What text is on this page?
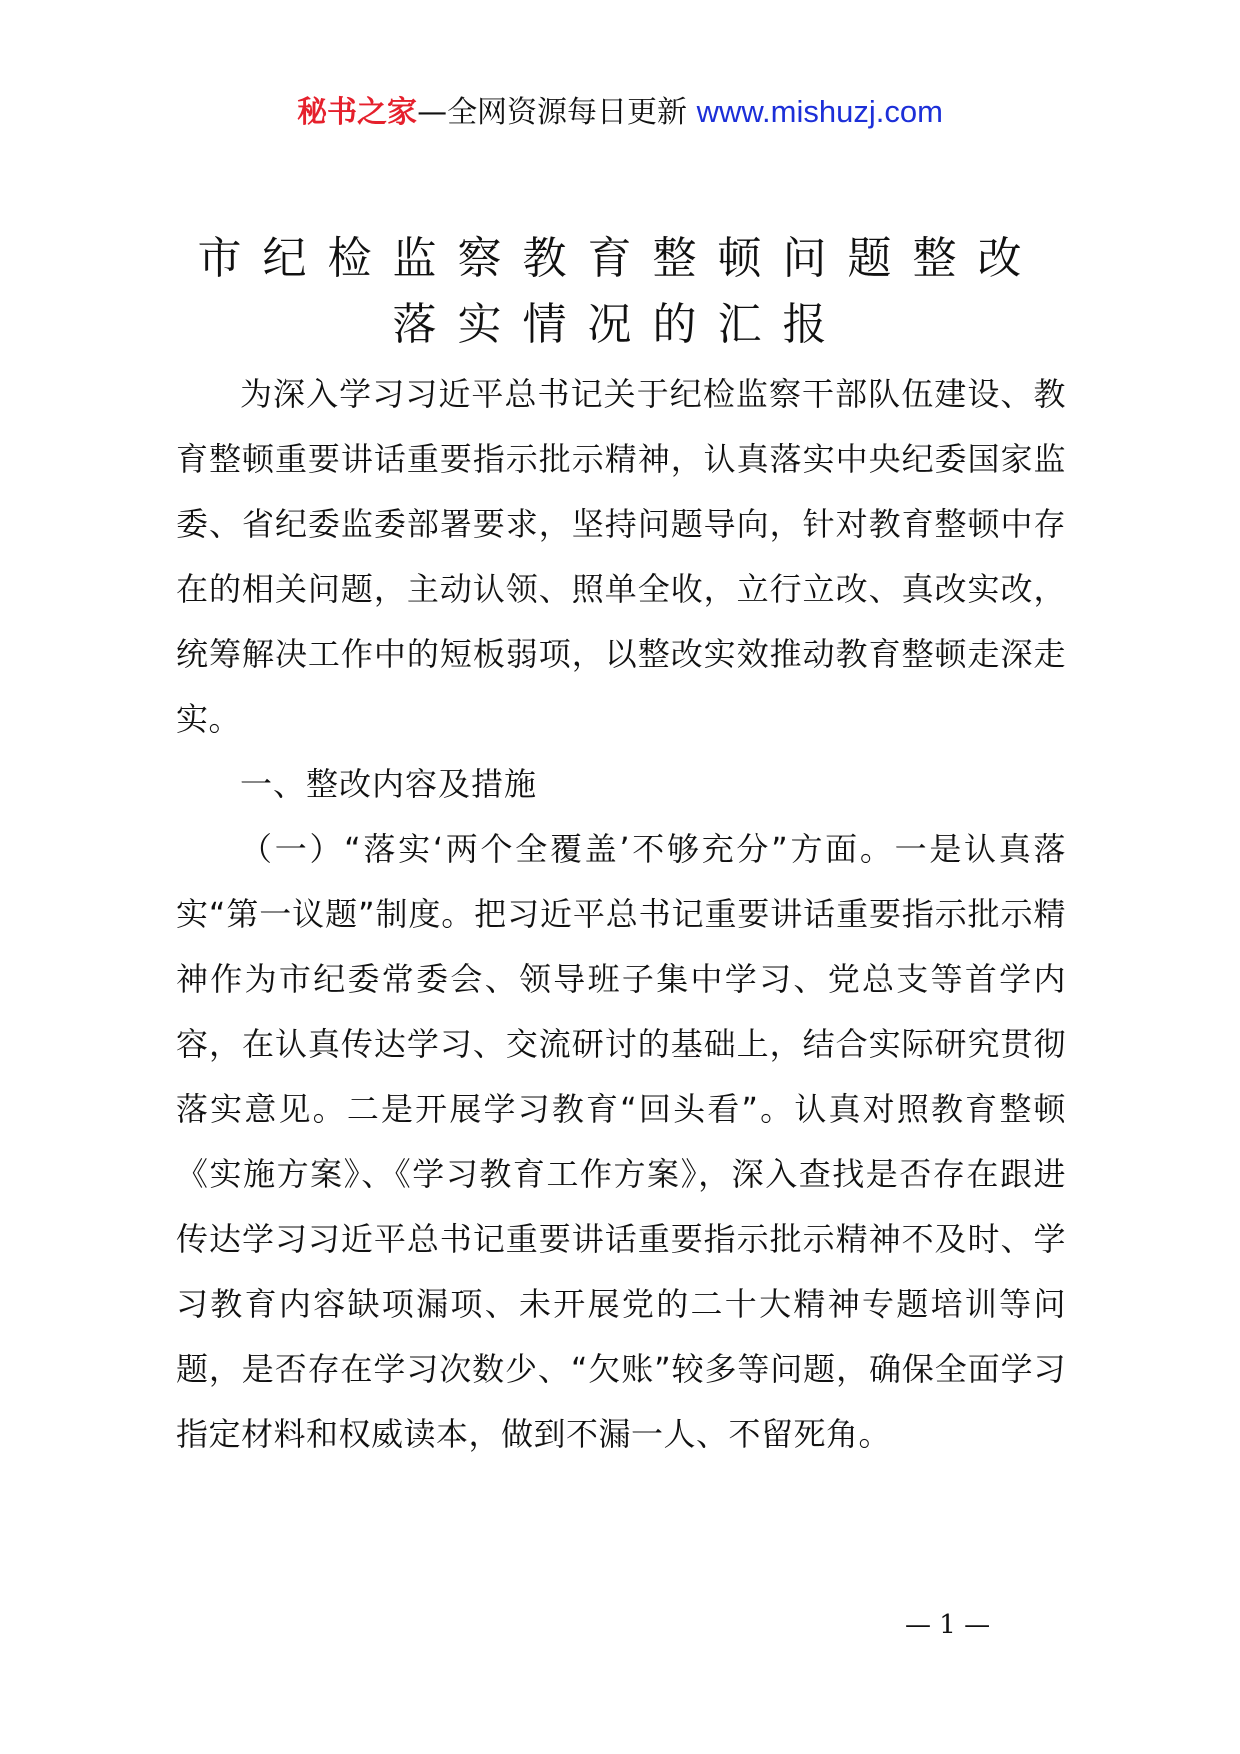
秘书之家—全网资源每日更新 www.mishuzj.com
市纪检监察教育整顿问题整改
落实情况的汇报

为深入学习习近平总书记关于纪检监察干部队伍建设、教育整顿重要讲话重要指示批示精神，认真落实中央纪委国家监委、省纪委监委部署要求，坚持问题导向，针对教育整顿中存在的相关问题，主动认领、照单全收，立行立改、真改实改，统筹解决工作中的短板弱项，以整改实效推动教育整顿走深走实。

一、整改内容及措施

（一）“落实‘两个全覆盖’不够充分”方面。一是认真落实“第一议题”制度。把习近平总书记重要讲话重要指示批示精神作为市纪委常委会、领导班子集中学习、党总支等首学内容，在认真传达学习、交流研讨的基础上，结合实际研究贯彻落实意见。二是开展学习教育“回头看”。认真对照教育整顿《实施方案》、《学习教育工作方案》，深入查找是否存在跟进传达学习习近平总书记重要讲话重要指示批示精神不及时、学习教育内容缺项漏项、未开展党的二十大精神专题培训等问题，是否存在学习次数少、“欠账”较多等问题，确保全面学习指定材料和权威读本，做到不漏一人、不留死角。

— 1 —
